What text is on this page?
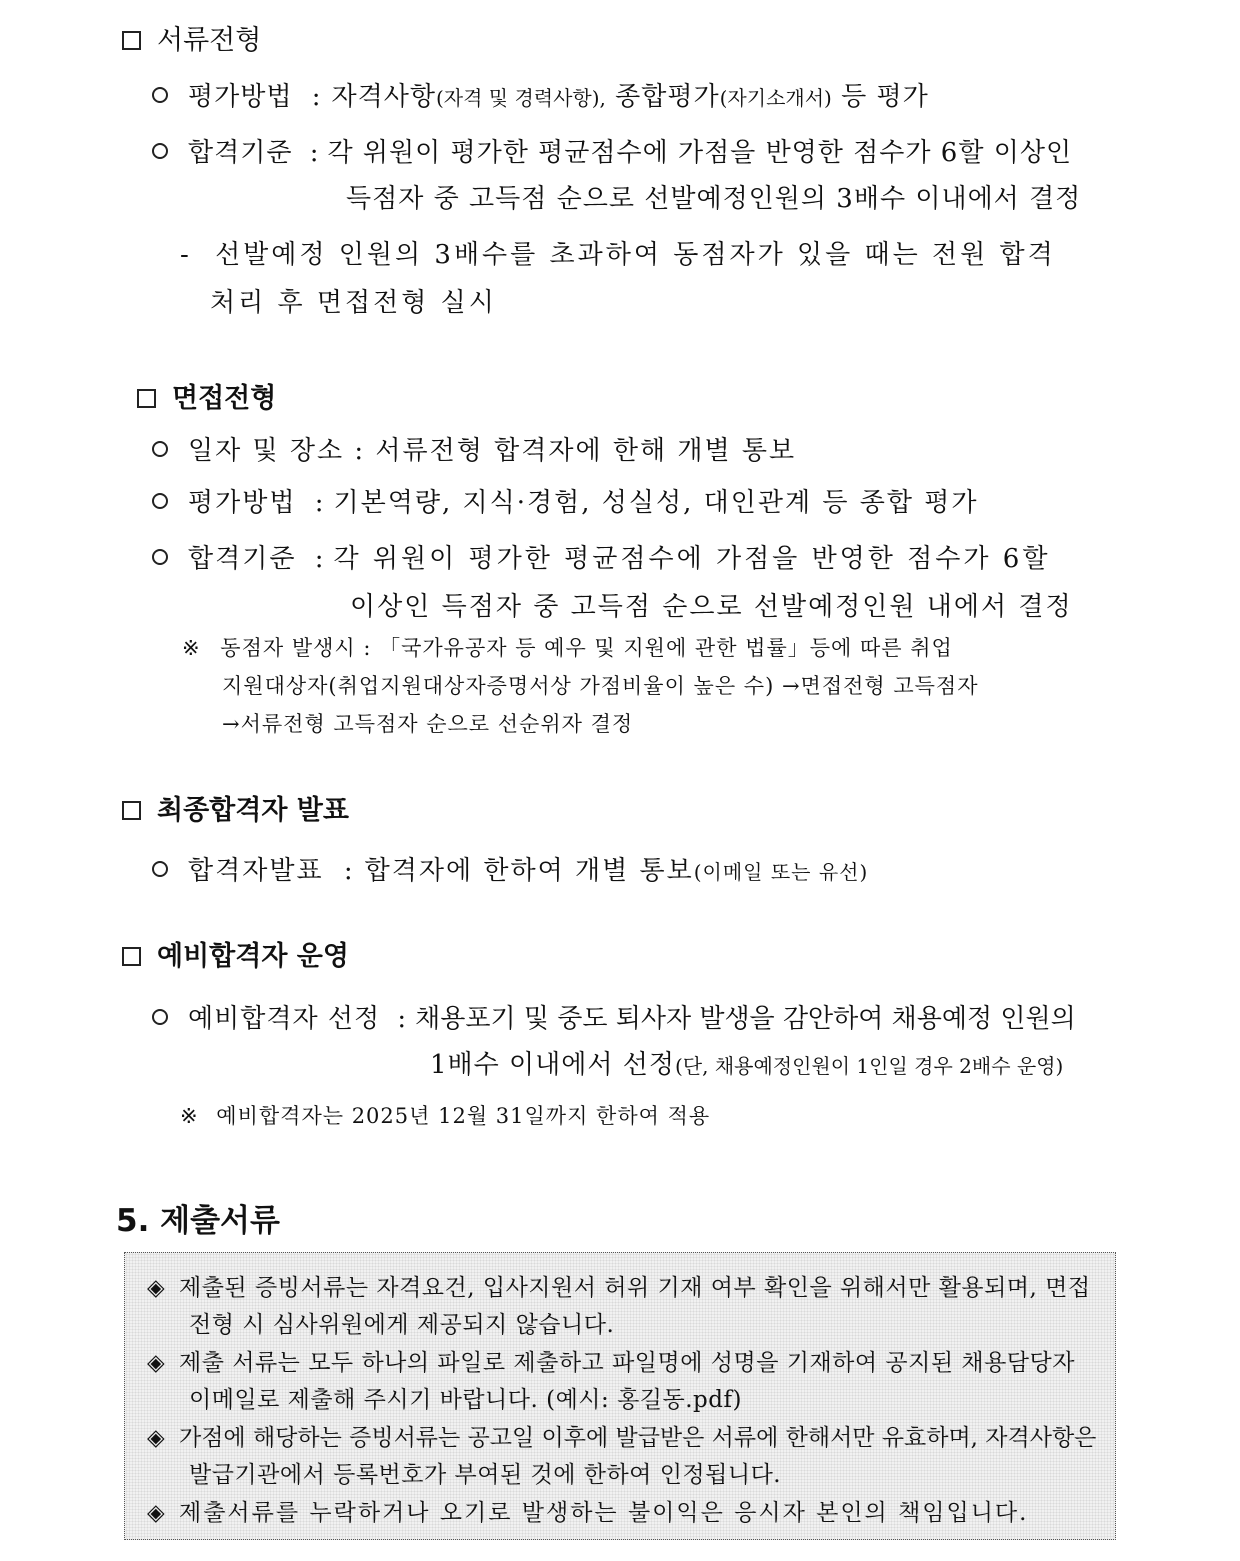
서류전형
평가방법 : 자격사항(자격 및 경력사항), 종합평가(자기소개서) 등 평가
합격기준 : 각 위원이 평가한 평균점수에 가점을 반영한 점수가 6할 이상인
득점자 중 고득점 순으로 선발예정인원의 3배수 이내에서 결정
- 선발예정 인원의 3배수를 초과하여 동점자가 있을 때는 전원 합격
처리 후 면접전형 실시
면접전형
일자 및 장소 : 서류전형 합격자에 한해 개별 통보
평가방법 : 기본역량, 지식·경험, 성실성, 대인관계 등 종합 평가
합격기준 : 각 위원이 평가한 평균점수에 가점을 반영한 점수가 6할
이상인 득점자 중 고득점 순으로 선발예정인원 내에서 결정
※ 동점자 발생시 : 「국가유공자 등 예우 및 지원에 관한 법률」등에 따른 취업
지원대상자(취업지원대상자증명서상 가점비율이 높은 수) →면접전형 고득점자
→서류전형 고득점자 순으로 선순위자 결정
최종합격자 발표
합격자발표 : 합격자에 한하여 개별 통보(이메일 또는 유선)
예비합격자 운영
예비합격자 선정 : 채용포기 및 중도 퇴사자 발생을 감안하여 채용예정 인원의
1배수 이내에서 선정(단, 채용예정인원이 1인일 경우 2배수 운영)
※ 예비합격자는 2025년 12월 31일까지 한하여 적용
5. 제출서류
◈ 제출된 증빙서류는 자격요건, 입사지원서 허위 기재 여부 확인을 위해서만 활용되며, 면접
전형 시 심사위원에게 제공되지 않습니다.
◈ 제출 서류는 모두 하나의 파일로 제출하고 파일명에 성명을 기재하여 공지된 채용담당자
이메일로 제출해 주시기 바랍니다. (예시: 홍길동.pdf)
◈ 가점에 해당하는 증빙서류는 공고일 이후에 발급받은 서류에 한해서만 유효하며, 자격사항은
발급기관에서 등록번호가 부여된 것에 한하여 인정됩니다.
◈ 제출서류를 누락하거나 오기로 발생하는 불이익은 응시자 본인의 책임입니다.
